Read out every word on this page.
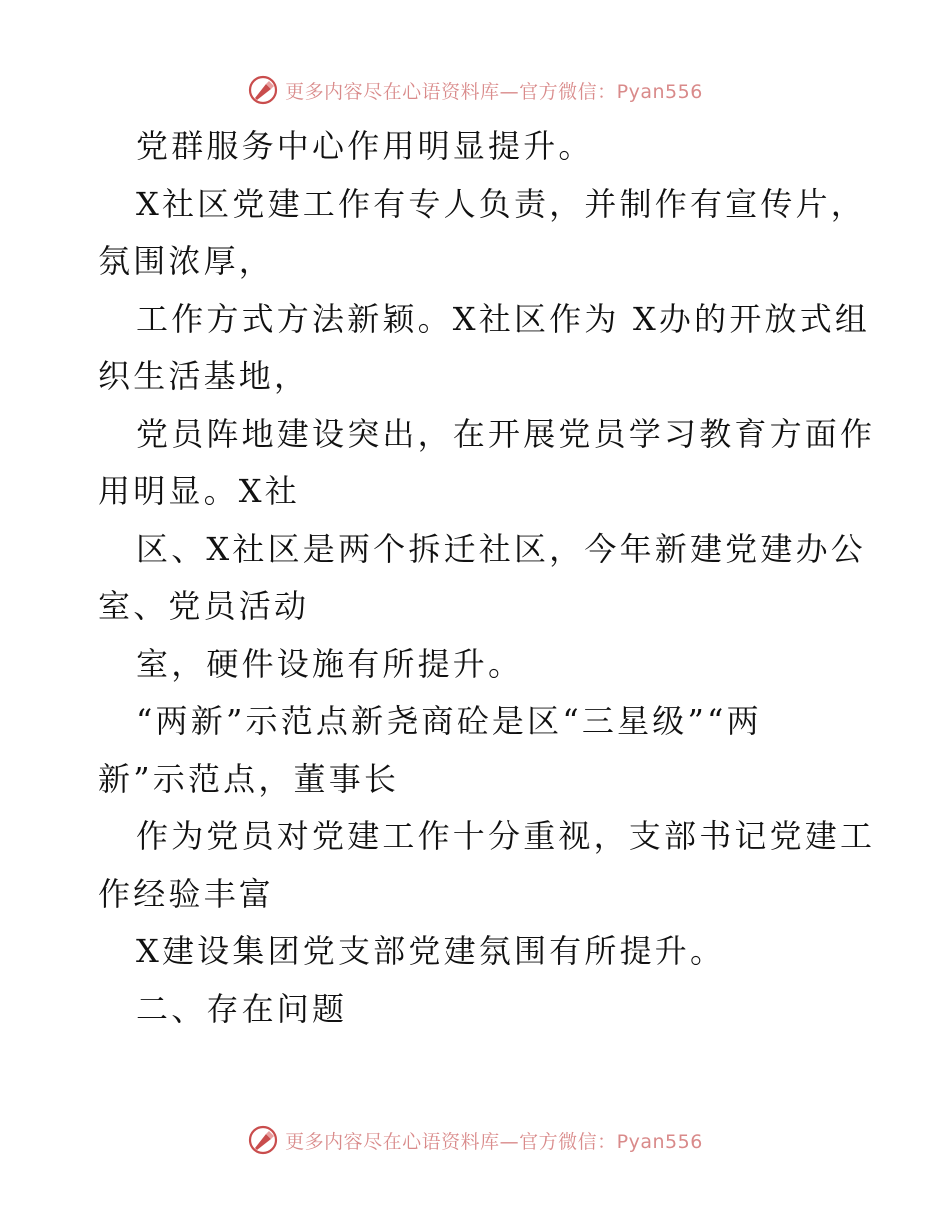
更多内容尽在心语资料库—官方微信：Pyan556
党群服务中心作用明显提升。
X社区党建工作有专人负责，并制作有宣传片，
氛围浓厚，
工作方式方法新颖。X社区作为 X办的开放式组
织生活基地，
党员阵地建设突出，在开展党员学习教育方面作
用明显。X社
区、X社区是两个拆迁社区，今年新建党建办公
室、党员活动
室，硬件设施有所提升。
“两新”示范点新尧商砼是区“三星级”“两
新”示范点，董事长
作为党员对党建工作十分重视，支部书记党建工
作经验丰富
X建设集团党支部党建氛围有所提升。
二、存在问题
更多内容尽在心语资料库—官方微信：Pyan556
